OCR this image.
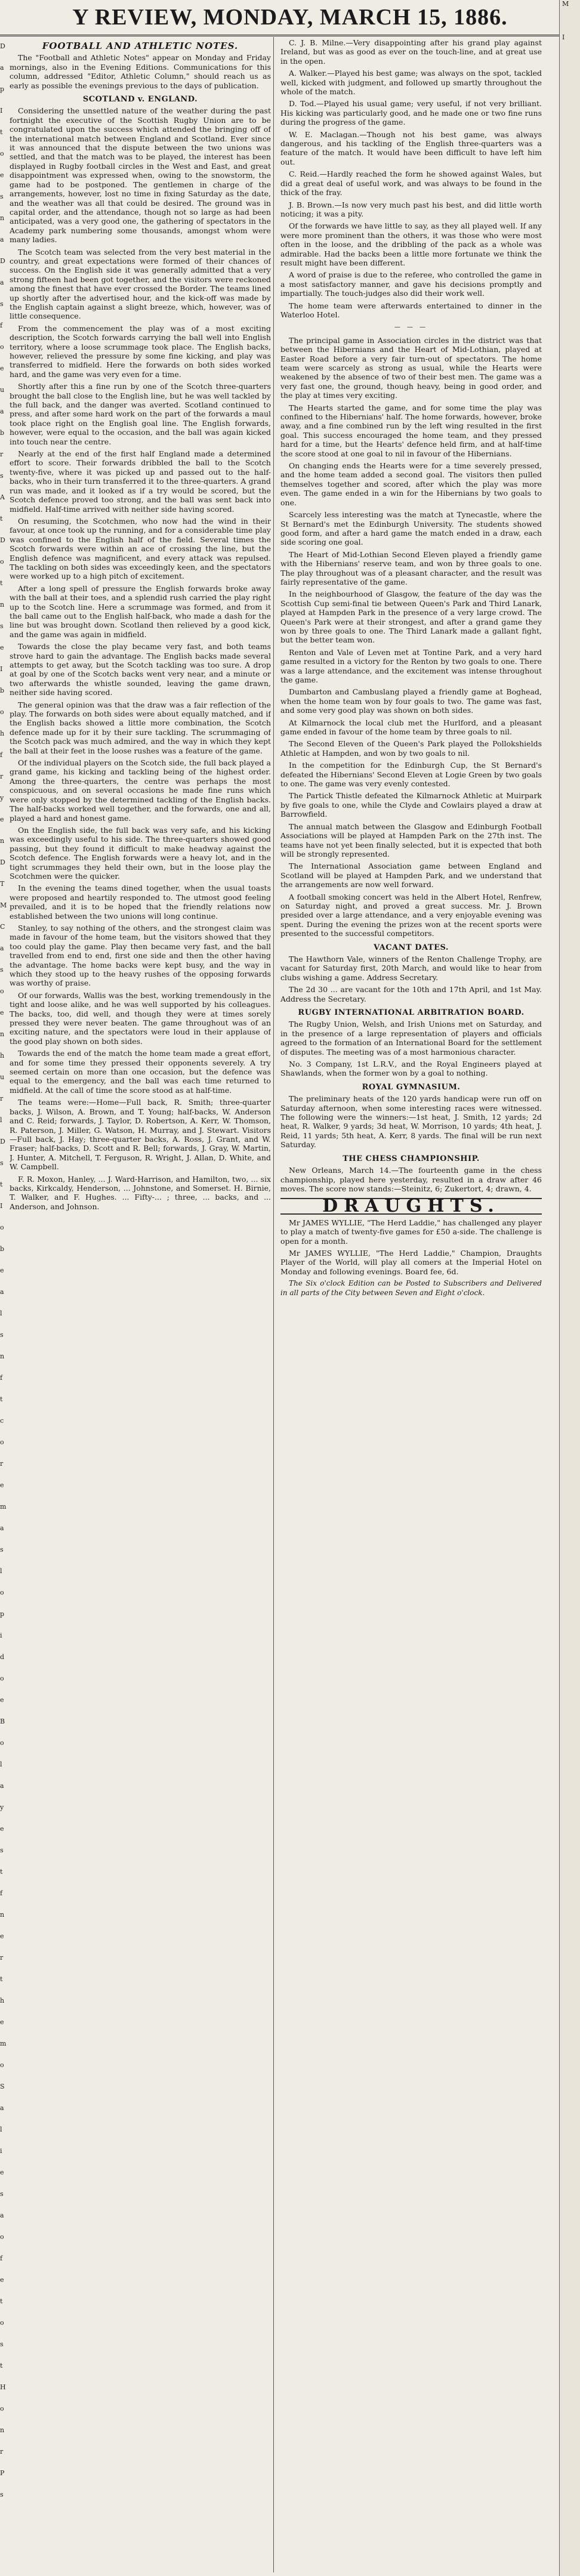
Y REVIEW, MONDAY, MARCH 15, 1886.
D
a
p
I
t
o
e
s
n
a
D
a
s
f
o
e
u
a
b
r
s
A
t
D
o
t
n
s
e
I
b
o
h
f
r
y
e
n
D
T
M
C
a
s
o
e
n
h
u
r
l
D
s
t
I
o
b
e
a
l
s
n
f
t
c
o
r
e
m
a
s
l
o
p
i
d
o
e
B
o
l
a
y
e
s
t
f
n
e
r
t
h
e
m
o
S
a
l
i
e
s
a
o
f
e
t
o
s
t
H
o
n
r
P
s
M
I
FOOTBALL AND ATHLETIC NOTES.

The "Football and Athletic Notes" appear on Monday and Friday mornings, also in the Evening Editions. Communications for this column, addressed "Editor, Athletic Column," should reach us as early as possible the evenings previous to the days of publication.

SCOTLAND v. ENGLAND.

Considering the unsettled nature of the weather during the past fortnight the executive of the Scottish Rugby Union are to be congratulated upon the success which attended the bringing off of the international match between England and Scotland. Ever since it was announced that the dispute between the two unions was settled, and that the match was to be played, the interest has been displayed in Rugby football circles in the West and East, and great disappointment was expressed when, owing to the snowstorm, the game had to be postponed. The gentlemen in charge of the arrangements, however, lost no time in fixing Saturday as the date, and the weather was all that could be desired. The ground was in capital order, and the attendance, though not so large as had been anticipated, was a very good one, the gathering of spectators in the Academy park numbering some thousands, amongst whom were many ladies.

The Scotch team was selected from the very best material in the country, and great expectations were formed of their chances of success. On the English side it was generally admitted that a very strong fifteen had been got together, and the visitors were reckoned among the finest that have ever crossed the Border. The teams lined up shortly after the advertised hour, and the kick-off was made by the English captain against a slight breeze, which, however, was of little consequence.

From the commencement the play was of a most exciting description, the Scotch forwards carrying the ball well into English territory, where a loose scrummage took place. The English backs, however, relieved the pressure by some fine kicking, and play was transferred to midfield. Here the forwards on both sides worked hard, and the game was very even for a time.

Shortly after this a fine run by one of the Scotch three-quarters brought the ball close to the English line, but he was well tackled by the full back, and the danger was averted. Scotland continued to press, and after some hard work on the part of the forwards a maul took place right on the English goal line. The English forwards, however, were equal to the occasion, and the ball was again kicked into touch near the centre.

Nearly at the end of the first half England made a determined effort to score. Their forwards dribbled the ball to the Scotch twenty-five, where it was picked up and passed out to the half-backs, who in their turn transferred it to the three-quarters. A grand run was made, and it looked as if a try would be scored, but the Scotch defence proved too strong, and the ball was sent back into midfield. Half-time arrived with neither side having scored.

On resuming, the Scotchmen, who now had the wind in their favour, at once took up the running, and for a considerable time play was confined to the English half of the field. Several times the Scotch forwards were within an ace of crossing the line, but the English defence was magnificent, and every attack was repulsed. The tackling on both sides was exceedingly keen, and the spectators were worked up to a high pitch of excitement.

After a long spell of pressure the English forwards broke away with the ball at their toes, and a splendid rush carried the play right up to the Scotch line. Here a scrummage was formed, and from it the ball came out to the English half-back, who made a dash for the line but was brought down. Scotland then relieved by a good kick, and the game was again in midfield.

Towards the close the play became very fast, and both teams strove hard to gain the advantage. The English backs made several attempts to get away, but the Scotch tackling was too sure. A drop at goal by one of the Scotch backs went very near, and a minute or two afterwards the whistle sounded, leaving the game drawn, neither side having scored.

The general opinion was that the draw was a fair reflection of the play. The forwards on both sides were about equally matched, and if the English backs showed a little more combination, the Scotch defence made up for it by their sure tackling. The scrummaging of the Scotch pack was much admired, and the way in which they kept the ball at their feet in the loose rushes was a feature of the game.

Of the individual players on the Scotch side, the full back played a grand game, his kicking and tackling being of the highest order. Among the three-quarters, the centre was perhaps the most conspicuous, and on several occasions he made fine runs which were only stopped by the determined tackling of the English backs. The half-backs worked well together, and the forwards, one and all, played a hard and honest game.

On the English side, the full back was very safe, and his kicking was exceedingly useful to his side. The three-quarters showed good passing, but they found it difficult to make headway against the Scotch defence. The English forwards were a heavy lot, and in the tight scrummages they held their own, but in the loose play the Scotchmen were the quicker.

In the evening the teams dined together, when the usual toasts were proposed and heartily responded to. The utmost good feeling prevailed, and it is to be hoped that the friendly relations now established between the two unions will long continue.

Stanley, to say nothing of the others, and the strongest claim was made in favour of the home team, but the visitors showed that they too could play the game. Play then became very fast, and the ball travelled from end to end, first one side and then the other having the advantage. The home backs were kept busy, and the way in which they stood up to the heavy rushes of the opposing forwards was worthy of praise.

Of our forwards, Wallis was the best, working tremendously in the tight and loose alike, and he was well supported by his colleagues. The backs, too, did well, and though they were at times sorely pressed they were never beaten. The game throughout was of an exciting nature, and the spectators were loud in their applause of the good play shown on both sides.

Towards the end of the match the home team made a great effort, and for some time they pressed their opponents severely. A try seemed certain on more than one occasion, but the defence was equal to the emergency, and the ball was each time returned to midfield. At the call of time the score stood as at half-time.

The teams were:—Home—Full back, R. Smith; three-quarter backs, J. Wilson, A. Brown, and T. Young; half-backs, W. Anderson and C. Reid; forwards, J. Taylor, D. Robertson, A. Kerr, W. Thomson, R. Paterson, J. Miller, G. Watson, H. Murray, and J. Stewart. Visitors—Full back, J. Hay; three-quarter backs, A. Ross, J. Grant, and W. Fraser; half-backs, D. Scott and R. Bell; forwards, J. Gray, W. Martin, J. Hunter, A. Mitchell, T. Ferguson, R. Wright, J. Allan, D. White, and W. Campbell.

F. R. Moxon, Hanley, ... J. Ward-Harrison, and Hamilton, two, ... six backs, Kirkcaldy, Henderson, ... Johnstone, and Somerset. H. Birnie, T. Walker, and F. Hughes. ... Fifty-... ; three, ... backs, and ... Anderson, and Johnson.

C. J. B. Milne.—Very disappointing after his grand play against Ireland, but was as good as ever on the touch-line, and at great use in the open.

A. Walker.—Played his best game; was always on the spot, tackled well, kicked with judgment, and followed up smartly throughout the whole of the match.

D. Tod.—Played his usual game; very useful, if not very brilliant. His kicking was particularly good, and he made one or two fine runs during the progress of the game.

W. E. Maclagan.—Though not his best game, was always dangerous, and his tackling of the English three-quarters was a feature of the match. It would have been difficult to have left him out.

C. Reid.—Hardly reached the form he showed against Wales, but did a great deal of useful work, and was always to be found in the thick of the fray.

J. B. Brown.—Is now very much past his best, and did little worth noticing; it was a pity.

Of the forwards we have little to say, as they all played well. If any were more prominent than the others, it was those who were most often in the loose, and the dribbling of the pack as a whole was admirable. Had the backs been a little more fortunate we think the result might have been different.

A word of praise is due to the referee, who controlled the game in a most satisfactory manner, and gave his decisions promptly and impartially. The touch-judges also did their work well.

The home team were afterwards entertained to dinner in the Waterloo Hotel.

— — —

The principal game in Association circles in the district was that between the Hibernians and the Heart of Mid-Lothian, played at Easter Road before a very fair turn-out of spectators. The home team were scarcely as strong as usual, while the Hearts were weakened by the absence of two of their best men. The game was a very fast one, the ground, though heavy, being in good order, and the play at times very exciting.

The Hearts started the game, and for some time the play was confined to the Hibernians' half. The home forwards, however, broke away, and a fine combined run by the left wing resulted in the first goal. This success encouraged the home team, and they pressed hard for a time, but the Hearts' defence held firm, and at half-time the score stood at one goal to nil in favour of the Hibernians.

On changing ends the Hearts were for a time severely pressed, and the home team added a second goal. The visitors then pulled themselves together and scored, after which the play was more even. The game ended in a win for the Hibernians by two goals to one.

Scarcely less interesting was the match at Tynecastle, where the St Bernard's met the Edinburgh University. The students showed good form, and after a hard game the match ended in a draw, each side scoring one goal.

The Heart of Mid-Lothian Second Eleven played a friendly game with the Hibernians' reserve team, and won by three goals to one. The play throughout was of a pleasant character, and the result was fairly representative of the game.

In the neighbourhood of Glasgow, the feature of the day was the Scottish Cup semi-final tie between Queen's Park and Third Lanark, played at Hampden Park in the presence of a very large crowd. The Queen's Park were at their strongest, and after a grand game they won by three goals to one. The Third Lanark made a gallant fight, but the better team won.

Renton and Vale of Leven met at Tontine Park, and a very hard game resulted in a victory for the Renton by two goals to one. There was a large attendance, and the excitement was intense throughout the game.

Dumbarton and Cambuslang played a friendly game at Boghead, when the home team won by four goals to two. The game was fast, and some very good play was shown on both sides.

At Kilmarnock the local club met the Hurlford, and a pleasant game ended in favour of the home team by three goals to nil.

The Second Eleven of the Queen's Park played the Pollokshields Athletic at Hampden, and won by two goals to nil.

In the competition for the Edinburgh Cup, the St Bernard's defeated the Hibernians' Second Eleven at Logie Green by two goals to one. The game was very evenly contested.

The Partick Thistle defeated the Kilmarnock Athletic at Muirpark by five goals to one, while the Clyde and Cowlairs played a draw at Barrowfield.

The annual match between the Glasgow and Edinburgh Football Associations will be played at Hampden Park on the 27th inst. The teams have not yet been finally selected, but it is expected that both will be strongly represented.

The International Association game between England and Scotland will be played at Hampden Park, and we understand that the arrangements are now well forward.

A football smoking concert was held in the Albert Hotel, Renfrew, on Saturday night, and proved a great success. Mr. J. Brown presided over a large attendance, and a very enjoyable evening was spent. During the evening the prizes won at the recent sports were presented to the successful competitors.

VACANT DATES.

The Hawthorn Vale, winners of the Renton Challenge Trophy, are vacant for Saturday first, 20th March, and would like to hear from clubs wishing a game. Address Secretary.

The 2d 30 ... are vacant for the 10th and 17th April, and 1st May. Address the Secretary.

RUGBY INTERNATIONAL ARBITRATION BOARD.

The Rugby Union, Welsh, and Irish Unions met on Saturday, and in the presence of a large representation of players and officials agreed to the formation of an International Board for the settlement of disputes. The meeting was of a most harmonious character.

No. 3 Company, 1st L.R.V., and the Royal Engineers played at Shawlands, when the former won by a goal to nothing.

ROYAL GYMNASIUM.

The preliminary heats of the 120 yards handicap were run off on Saturday afternoon, when some interesting races were witnessed. The following were the winners:—1st heat, J. Smith, 12 yards; 2d heat, R. Walker, 9 yards; 3d heat, W. Morrison, 10 yards; 4th heat, J. Reid, 11 yards; 5th heat, A. Kerr, 8 yards. The final will be run next Saturday.

THE CHESS CHAMPIONSHIP.

New Orleans, March 14.—The fourteenth game in the chess championship, played here yesterday, resulted in a draw after 46 moves. The score now stands:—Steinitz, 6; Zukertort, 4; drawn, 4.

DRAUGHTS.

Mr JAMES WYLLIE, "The Herd Laddie," has challenged any player to play a match of twenty-five games for £50 a-side. The challenge is open for a month.

Mr JAMES WYLLIE, "The Herd Laddie," Champion, Draughts Player of the World, will play all comers at the Imperial Hotel on Monday and following evenings. Board fee, 6d.

The Six o'clock Edition can be Posted to Subscribers and Delivered in all parts of the City between Seven and Eight o'clock.
